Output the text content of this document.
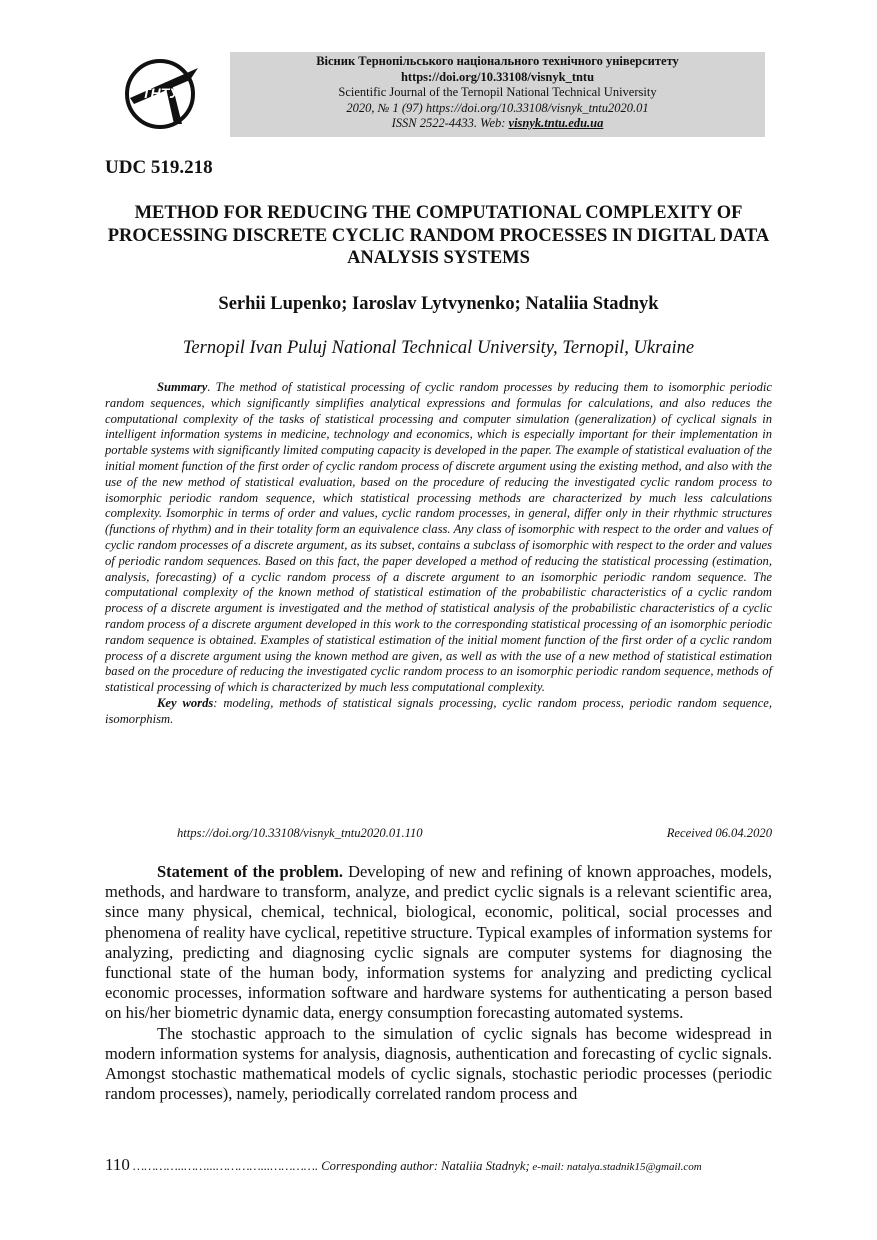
ТНТУ
Вісник Тернопільського національного технічного університету
https://doi.org/10.33108/visnyk_tntu
Scientific Journal of the Ternopil National Technical University
2020, № 1 (97) https://doi.org/10.33108/visnyk_tntu2020.01
ISSN 2522-4433. Web: visnyk.tntu.edu.ua
UDC 519.218
METHOD FOR REDUCING THE COMPUTATIONAL COMPLEXITY OF PROCESSING DISCRETE CYCLIC RANDOM PROCESSES IN DIGITAL DATA ANALYSIS SYSTEMS
Serhii Lupenko; Iaroslav Lytvynenko; Nataliia Stadnyk
Ternopil Ivan Puluj National Technical University, Ternopil, Ukraine

Summary. The method of statistical processing of cyclic random processes by reducing them to isomorphic periodic random sequences, which significantly simplifies analytical expressions and formulas for calculations, and also reduces the computational complexity of the tasks of statistical processing and computer simulation (generalization) of cyclical signals in intelligent information systems in medicine, technology and economics, which is especially important for their implementation in portable systems with significantly limited computing capacity is developed in the paper. The example of statistical evaluation of the initial moment function of the first order of cyclic random process of discrete argument using the existing method, and also with the use of the new method of statistical evaluation, based on the procedure of reducing the investigated cyclic random process to isomorphic periodic random sequence, which statistical processing methods are characterized by much less calculations complexity. Isomorphic in terms of order and values, cyclic random processes, in general, differ only in their rhythmic structures (functions of rhythm) and in their totality form an equivalence class. Any class of isomorphic with respect to the order and values of cyclic random processes of a discrete argument, as its subset, contains a subclass of isomorphic with respect to the order and values of periodic random sequences. Based on this fact, the paper developed a method of reducing the statistical processing (estimation, analysis, forecasting) of a cyclic random process of a discrete argument to an isomorphic periodic random sequence. The computational complexity of the known method of statistical estimation of the probabilistic characteristics of a cyclic random process of a discrete argument is investigated and the method of statistical analysis of the probabilistic characteristics of a cyclic random process of a discrete argument developed in this work to the corresponding statistical processing of an isomorphic periodic random sequence is obtained. Examples of statistical estimation of the initial moment function of the first order of a cyclic random process of a discrete argument using the known method are given, as well as with the use of a new method of statistical estimation based on the procedure of reducing the investigated cyclic random process to an isomorphic periodic random sequence, methods of statistical processing of which is characterized by much less computational complexity.

Key words: modeling, methods of statistical signals processing, cyclic random process, periodic random sequence, isomorphism.

https://doi.org/10.33108/visnyk_tntu2020.01.110	Received 06.04.2020

Statement of the problem. Developing of new and refining of known approaches, models, methods, and hardware to transform, analyze, and predict cyclic signals is a relevant scientific area, since many physical, chemical, technical, biological, economic, political, social processes and phenomena of reality have cyclical, repetitive structure. Typical examples of information systems for analyzing, predicting and diagnosing cyclic signals are computer systems for diagnosing the functional state of the human body, information systems for analyzing and predicting cyclical economic processes, information software and hardware systems for authenticating a person based on his/her biometric dynamic data, energy consumption forecasting automated systems.

The stochastic approach to the simulation of cyclic signals has become widespread in modern information systems for analysis, diagnosis, authentication and forecasting of cyclic signals. Amongst stochastic mathematical models of cyclic signals, stochastic periodic processes (periodic random processes), namely, periodically correlated random process and

110 …………..……...…………...…………. Corresponding author: Nataliia Stadnyk; e-mail: natalya.stadnik15@gmail.com
